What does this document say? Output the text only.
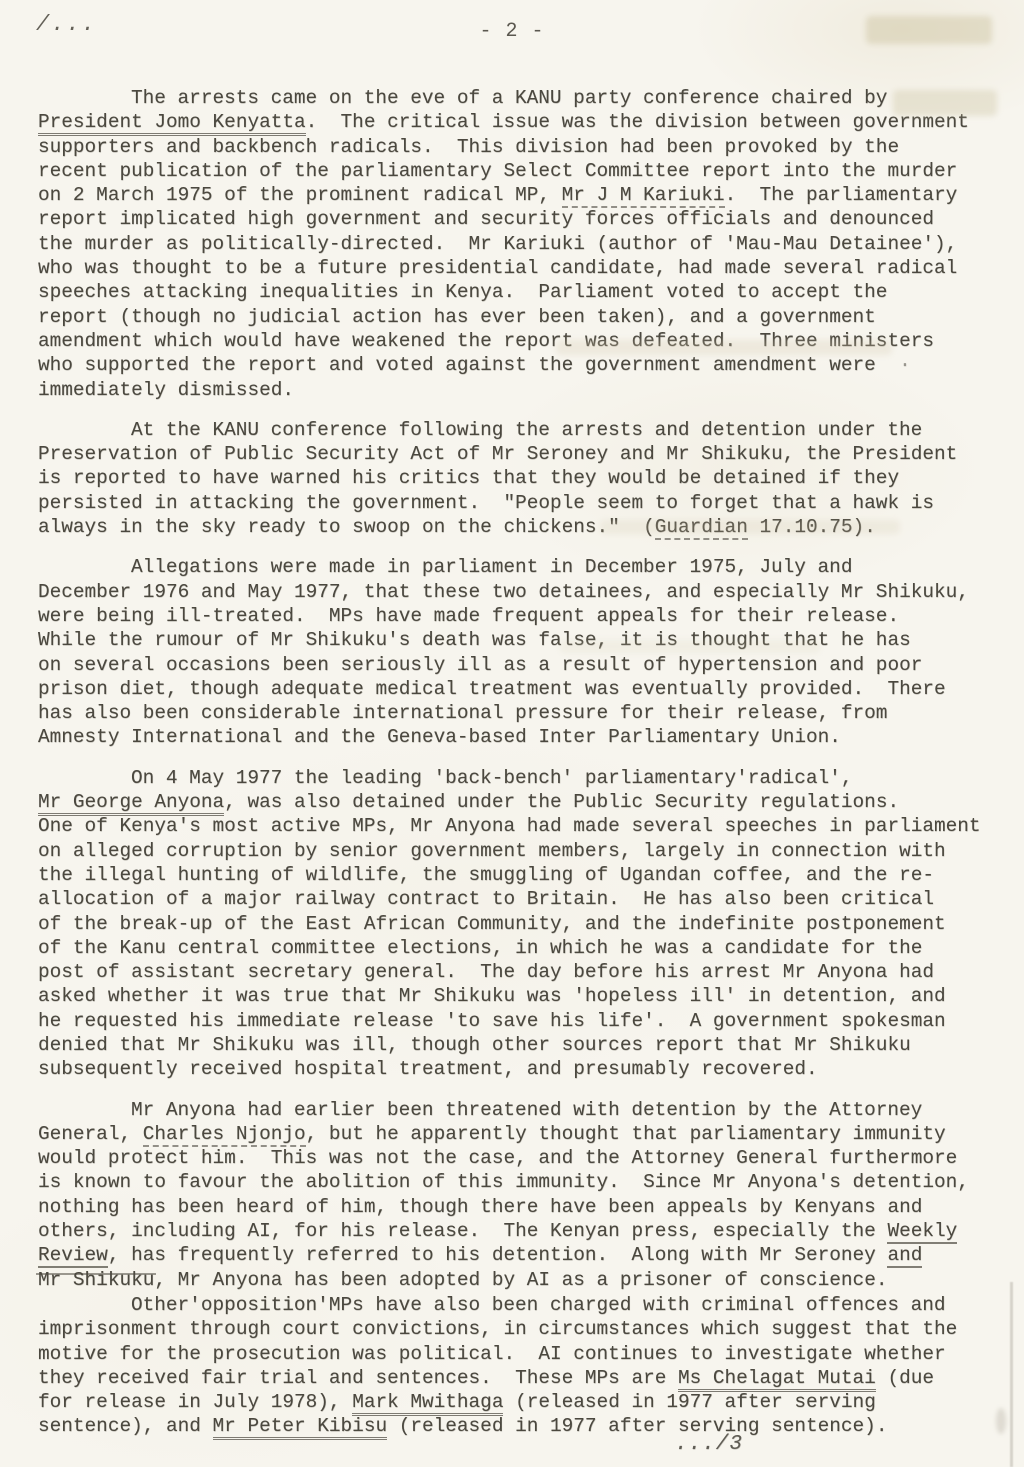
/...	- 2 -

The arrests came on the eve of a KANU party conference chaired by
President Jomo Kenyatta.  The critical issue was the division between government
supporters and backbench radicals.  This division had been provoked by the
recent publication of the parliamentary Select Committee report into the murder
on 2 March 1975 of the prominent radical MP, Mr J M Kariuki.  The parliamentary
report implicated high government and security forces officials and denounced
the murder as politically-directed.  Mr Kariuki (author of 'Mau-Mau Detainee'),
who was thought to be a future presidential candidate, had made several radical
speeches attacking inequalities in Kenya.  Parliament voted to accept the
report (though no judicial action has ever been taken), and a government
amendment which would have weakened the report was defeated.  Three ministers
who supported the report and voted against the government amendment were  ·
immediately dismissed.

At the KANU conference following the arrests and detention under the
Preservation of Public Security Act of Mr Seroney and Mr Shikuku, the President
is reported to have warned his critics that they would be detained if they
persisted in attacking the government.  "People seem to forget that a hawk is
always in the sky ready to swoop on the chickens."  (Guardian 17.10.75).

Allegations were made in parliament in December 1975, July and
December 1976 and May 1977, that these two detainees, and especially Mr Shikuku,
were being ill-treated.  MPs have made frequent appeals for their release.
While the rumour of Mr Shikuku's death was false, it is thought that he has
on several occasions been seriously ill as a result of hypertension and poor
prison diet, though adequate medical treatment was eventually provided.  There
has also been considerable international pressure for their release, from
Amnesty International and the Geneva-based Inter Parliamentary Union.

On 4 May 1977 the leading 'back-bench' parliamentary'radical',
Mr George Anyona, was also detained under the Public Security regulations.
One of Kenya's most active MPs, Mr Anyona had made several speeches in parliament
on alleged corruption by senior government members, largely in connection with
the illegal hunting of wildlife, the smuggling of Ugandan coffee, and the re-
allocation of a major railway contract to Britain.  He has also been critical
of the break-up of the East African Community, and the indefinite postponement
of the Kanu central committee elections, in which he was a candidate for the
post of assistant secretary general.  The day before his arrest Mr Anyona had
asked whether it was true that Mr Shikuku was 'hopeless ill' in detention, and
he requested his immediate release 'to save his life'.  A government spokesman
denied that Mr Shikuku was ill, though other sources report that Mr Shikuku
subsequently received hospital treatment, and presumably recovered.

Mr Anyona had earlier been threatened with detention by the Attorney
General, Charles Njonjo, but he apparently thought that parliamentary immunity
would protect him.  This was not the case, and the Attorney General furthermore
is known to favour the abolition of this immunity.  Since Mr Anyona's detention,
nothing has been heard of him, though there have been appeals by Kenyans and
others, including AI, for his release.  The Kenyan press, especially the Weekly
Review, has frequently referred to his detention.  Along with Mr Seroney and
Mr Shikuku, Mr Anyona has been adopted by AI as a prisoner of conscience.

Other'opposition'MPs have also been charged with criminal offences and
imprisonment through court convictions, in circumstances which suggest that the
motive for the prosecution was political.  AI continues to investigate whether
they received fair trial and sentences.  These MPs are Ms Chelagat Mutai (due
for release in July 1978), Mark Mwithaga (released in 1977 after serving
sentence), and Mr Peter Kibisu (released in 1977 after serving sentence).

.../3
